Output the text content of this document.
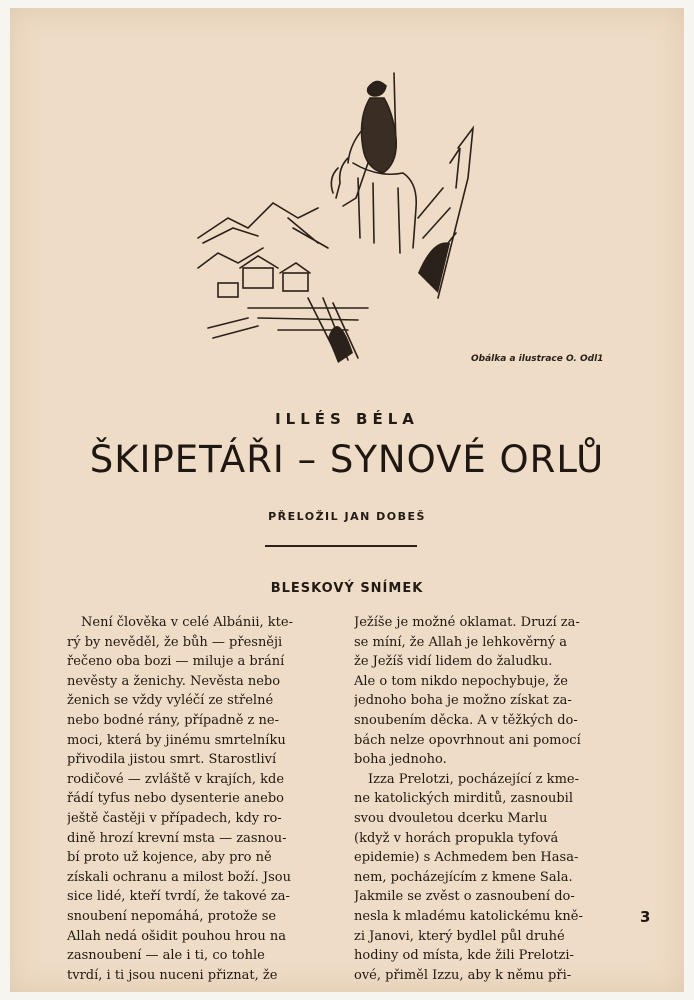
Obálka a ilustrace O. Odl1
ILLÉS BÉLA
ŠKIPETÁŘI – SYNOVÉ ORLŮ
PŘELOŽIL JAN DOBEŠ
BLESKOVÝ SNÍMEK
Není člověka v celé Albánii, kte-
rý by nevěděl, že bůh — přesněji
řečeno oba bozi — miluje a brání
nevěsty a ženichy. Nevěsta nebo
ženich se vždy vyléčí ze střelné
nebo bodné rány, případně z ne-
moci, která by jinému smrtelníku
přivodila jistou smrt. Starostliví
rodičové — zvláště v krajích, kde
řádí tyfus nebo dysenterie anebo
ještě častěji v případech, kdy ro-
dině hrozí krevní msta — zasnou-
bí proto už kojence, aby pro ně
získali ochranu a milost boží. Jsou
sice lidé, kteří tvrdí, že takové za-
snoubení nepomáhá, protože se
Allah nedá ošidit pouhou hrou na
zasnoubení — ale i ti, co tohle
tvrdí, i ti jsou nuceni přiznat, že
Ježíše je možné oklamat. Druzí za-
se míní, že Allah je lehkověrný a
že Ježíš vidí lidem do žaludku.
Ale o tom nikdo nepochybuje, že
jednoho boha je možno získat za-
snoubením děcka. A v těžkých do-
bách nelze opovrhnout ani pomocí
boha jednoho.
Izza Prelotzi, pocházející z kme-
ne katolických mirditů, zasnoubil
svou dvouletou dcerku Marlu
(když v horách propukla tyfová
epidemie) s Achmedem ben Hasa-
nem, pocházejícím z kmene Sala.
Jakmile se zvěst o zasnoubení do-
nesla k mladému katolickému kně-
zi Janovi, který bydlel půl druhé
hodiny od místa, kde žili Prelotzi-
ové, přiměl Izzu, aby k němu při-
3
